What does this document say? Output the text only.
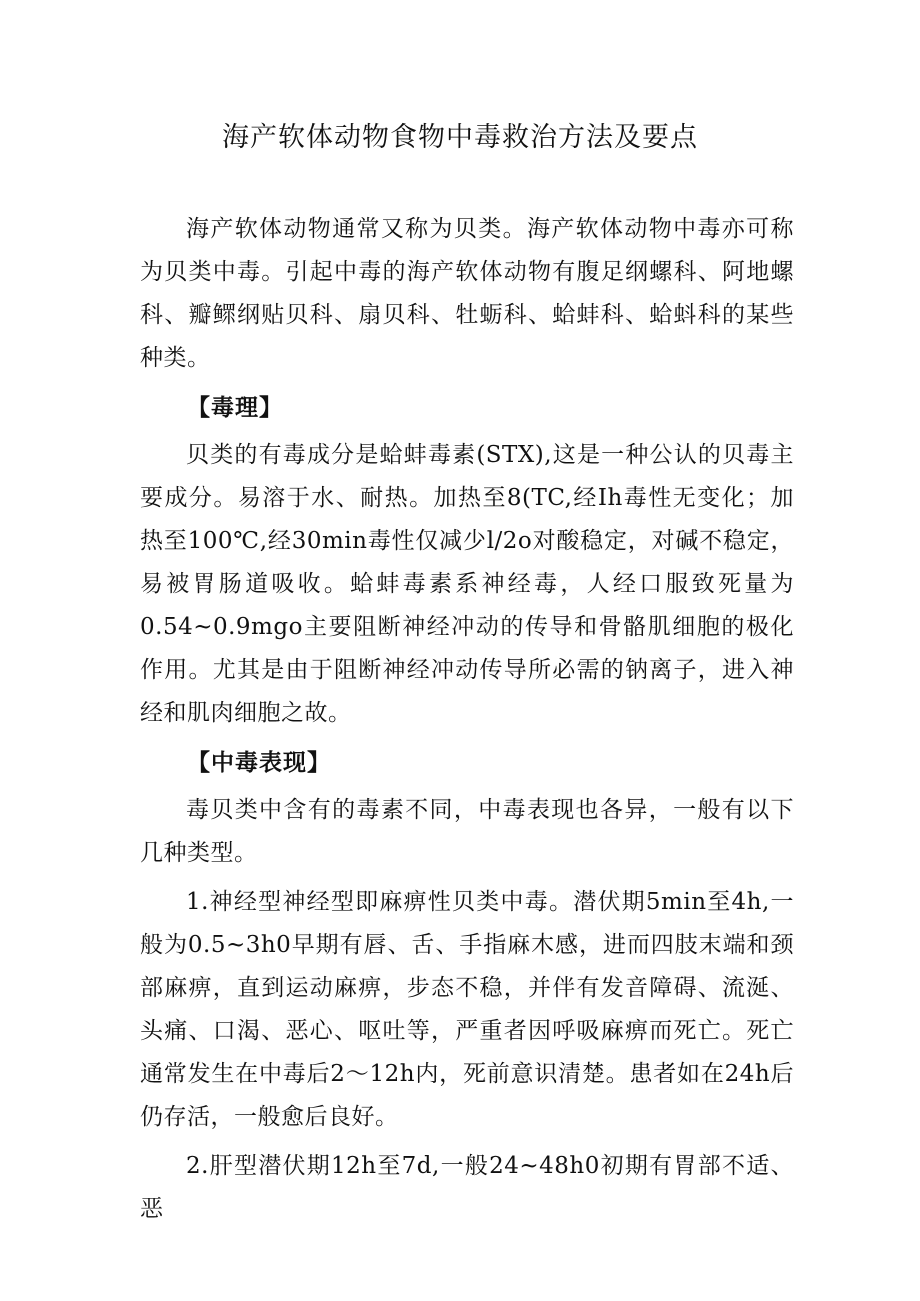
海产软体动物食物中毒救治方法及要点

海产软体动物通常又称为贝类。海产软体动物中毒亦可称为贝类中毒。引起中毒的海产软体动物有腹足纲螺科、阿地螺科、瓣鳏纲贴贝科、扇贝科、牡蛎科、蛤蚌科、蛤蚪科的某些种类。

【毒理】

贝类的有毒成分是蛤蚌毒素(STX),这是一种公认的贝毒主要成分。易溶于水、耐热。加热至8(TC,经Ih毒性无变化；加热至100℃,经30min毒性仅减少l/2o对酸稳定，对碱不稳定，易被胃肠道吸收。蛤蚌毒素系神经毒，人经口服致死量为0.54~0.9mgo主要阻断神经冲动的传导和骨骼肌细胞的极化作用。尤其是由于阻断神经冲动传导所必需的钠离子，进入神经和肌肉细胞之故。

【中毒表现】

毒贝类中含有的毒素不同，中毒表现也各异，一般有以下几种类型。

1.神经型神经型即麻痹性贝类中毒。潜伏期5min至4h,一般为0.5~3h0早期有唇、舌、手指麻木感，进而四肢末端和颈部麻痹，直到运动麻痹，步态不稳，并伴有发音障碍、流涎、头痛、口渴、恶心、呕吐等，严重者因呼吸麻痹而死亡。死亡通常发生在中毒后2～12h内，死前意识清楚。患者如在24h后仍存活，一般愈后良好。

2.肝型潜伏期12h至7d,一般24~48h0初期有胃部不适、恶
